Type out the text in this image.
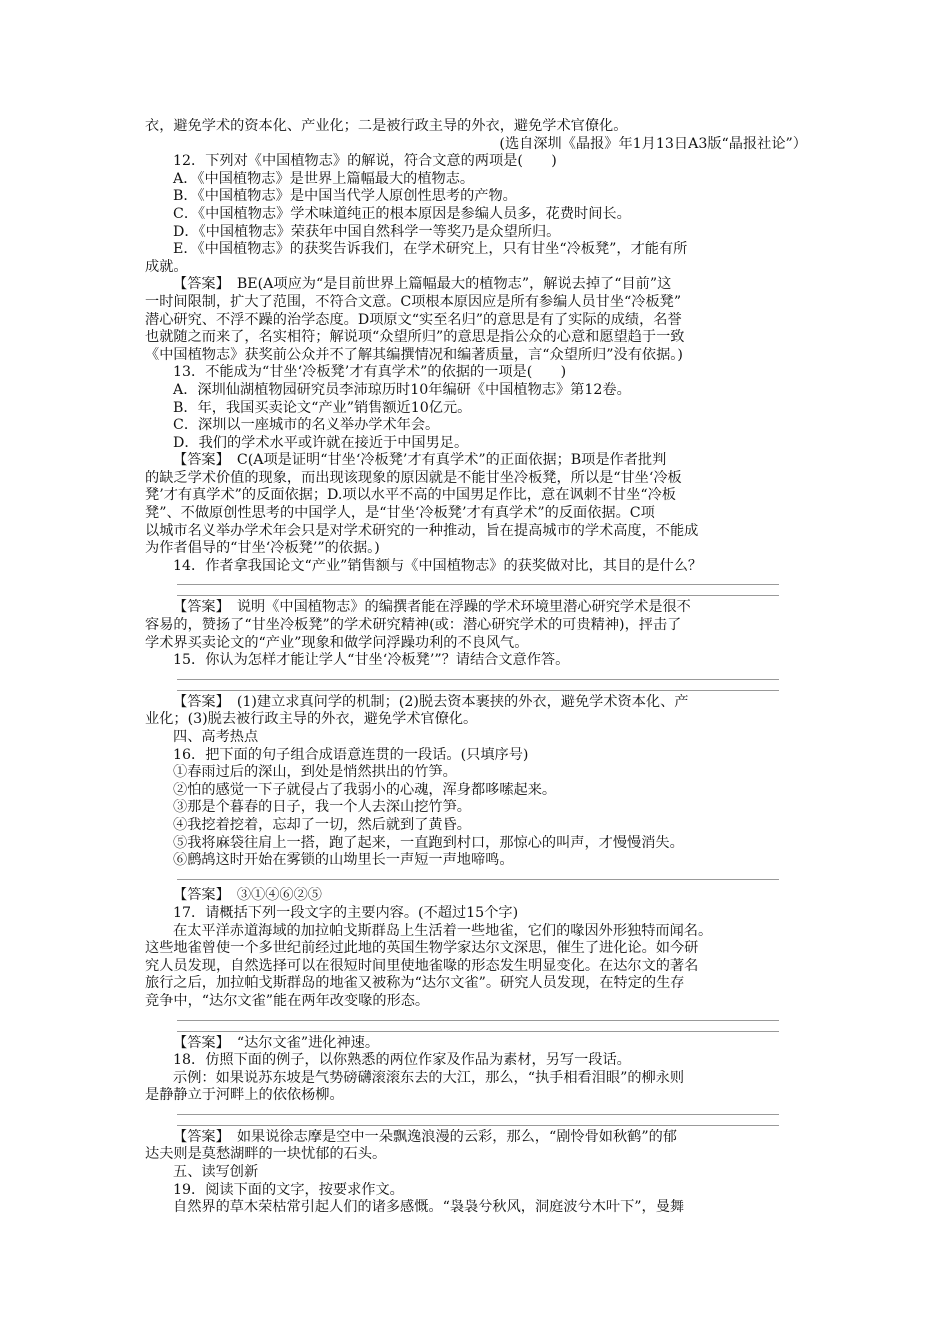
衣，避免学术的资本化、产业化；二是被行政主导的外衣，避免学术官僚化。
(选自深圳《晶报》年1月13日A3版“晶报社论”）
12．下列对《中国植物志》的解说，符合文意的两项是(　　)
A．《中国植物志》是世界上篇幅最大的植物志。
B．《中国植物志》是中国当代学人原创性思考的产物。
C．《中国植物志》学术味道纯正的根本原因是参编人员多，花费时间长。
D．《中国植物志》荣获年中国自然科学一等奖乃是众望所归。
E．《中国植物志》的获奖告诉我们，在学术研究上，只有甘坐“冷板凳”，才能有所
成就。
【答案】　BE(A项应为“是目前世界上篇幅最大的植物志”，解说去掉了“目前”这
一时间限制，扩大了范围，不符合文意。C项根本原因应是所有参编人员甘坐“冷板凳”
潜心研究、不浮不躁的治学态度。D项原文“实至名归”的意思是有了实际的成绩，名誉
也就随之而来了，名实相符；解说项“众望所归”的意思是指公众的心意和愿望趋于一致
《中国植物志》获奖前公众并不了解其编撰情况和编著质量，言“众望所归”没有依据。)
13．不能成为“甘坐‘冷板凳’才有真学术”的依据的一项是(　　)
A．深圳仙湖植物园研究员李沛琼历时10年编研《中国植物志》第12卷。
B．年，我国买卖论文“产业”销售额近10亿元。
C．深圳以一座城市的名义举办学术年会。
D．我们的学术水平或许就在接近于中国男足。
【答案】　C(A项是证明“甘坐‘冷板凳’才有真学术”的正面依据；B项是作者批判
的缺乏学术价值的现象，而出现该现象的原因就是不能甘坐冷板凳，所以是“甘坐‘冷板
凳’才有真学术”的反面依据；D.项以水平不高的中国男足作比，意在讽刺不甘坐“冷板
凳”、不做原创性思考的中国学人，是“甘坐‘冷板凳’才有真学术”的反面依据。C项
以城市名义举办学术年会只是对学术研究的一种推动，旨在提高城市的学术高度，不能成
为作者倡导的“甘坐‘冷板凳’”的依据。)
14．作者拿我国论文“产业”销售额与《中国植物志》的获奖做对比，其目的是什么？
【答案】　说明《中国植物志》的编撰者能在浮躁的学术环境里潜心研究学术是很不
容易的，赞扬了“甘坐冷板凳”的学术研究精神(或：潜心研究学术的可贵精神)，抨击了
学术界买卖论文的“产业”现象和做学问浮躁功利的不良风气。
15．你认为怎样才能让学人“甘坐‘冷板凳’”？请结合文意作答。
【答案】　(1)建立求真问学的机制；(2)脱去资本裹挟的外衣，避免学术资本化、产
业化；(3)脱去被行政主导的外衣，避免学术官僚化。
四、高考热点
16．把下面的句子组合成语意连贯的一段话。(只填序号)
①春雨过后的深山，到处是悄然拱出的竹笋。
②怕的感觉一下子就侵占了我弱小的心魂，浑身都哆嗦起来。
③那是个暮春的日子，我一个人去深山挖竹笋。
④我挖着挖着，忘却了一切，然后就到了黄昏。
⑤我将麻袋往肩上一搭，跑了起来，一直跑到村口，那惊心的叫声，才慢慢消失。
⑥鹧鸪这时开始在雾锁的山坳里长一声短一声地啼鸣。
【答案】　③①④⑥②⑤
17．请概括下列一段文字的主要内容。(不超过15个字)
在太平洋赤道海域的加拉帕戈斯群岛上生活着一些地雀，它们的喙因外形独特而闻名。
这些地雀曾使一个多世纪前经过此地的英国生物学家达尔文深思，催生了进化论。如今研
究人员发现，自然选择可以在很短时间里使地雀喙的形态发生明显变化。在达尔文的著名
旅行之后，加拉帕戈斯群岛的地雀又被称为“达尔文雀”。研究人员发现，在特定的生存
竞争中，“达尔文雀”能在两年改变喙的形态。
【答案】　“达尔文雀”进化神速。
18．仿照下面的例子，以你熟悉的两位作家及作品为素材，另写一段话。
示例：如果说苏东坡是气势磅礴滚滚东去的大江，那么，“执手相看泪眼”的柳永则
是静静立于河畔上的依依杨柳。
【答案】　如果说徐志摩是空中一朵飘逸浪漫的云彩，那么，“剧怜骨如秋鹤”的郁
达夫则是莫愁湖畔的一块忧郁的石头。
五、读写创新
19．阅读下面的文字，按要求作文。
自然界的草木荣枯常引起人们的诸多感慨。“袅袅兮秋风，洞庭波兮木叶下”，曼舞
